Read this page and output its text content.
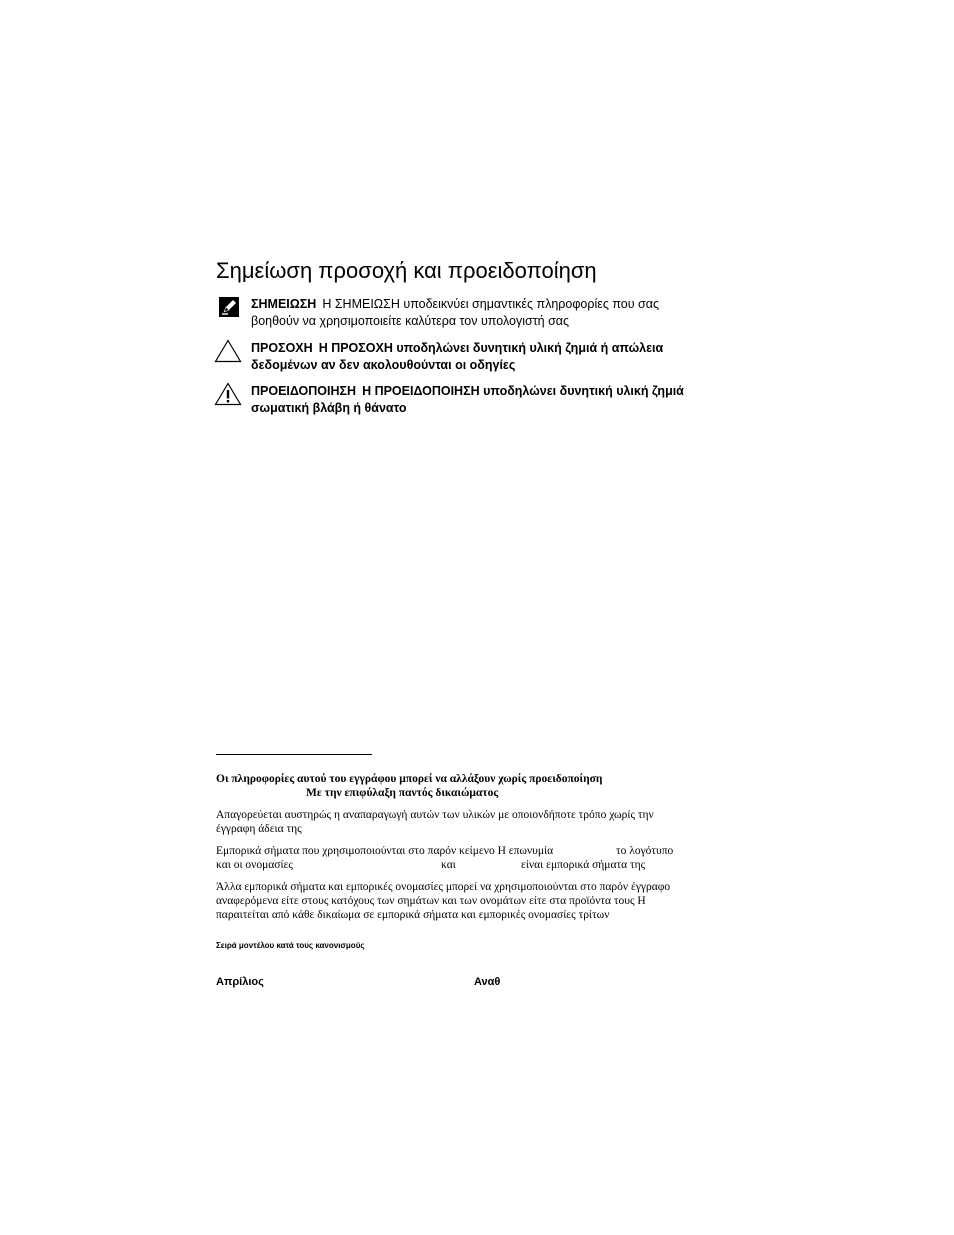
Σημείωση προσοχή και προειδοποίηση
ΣΗΜΕΙΩΣΗ Η ΣΗΜΕΙΩΣΗ υποδεικνύει σημαντικές πληροφορίες που σας
βοηθούν να χρησιμοποιείτε καλύτερα τον υπολογιστή σας
ΠΡΟΣΟΧΗ Η ΠΡΟΣΟΧΗ υποδηλώνει δυνητική υλική ζημιά ή απώλεια
δεδομένων αν δεν ακολουθούνται οι οδηγίες
ΠΡΟΕΙΔΟΠΟΙΗΣΗ Η ΠΡΟΕΙΔΟΠΟΙΗΣΗ υποδηλώνει δυνητική υλική ζημιά
σωματική βλάβη ή θάνατο
Οι πληροφορίες αυτού του εγγράφου μπορεί να αλλάξουν χωρίς προειδοποίηση
Με την επιφύλαξη παντός δικαιώματος
Απαγορεύεται αυστηρώς η αναπαραγωγή αυτών των υλικών με οποιονδήποτε τρόπο χωρίς την
έγγραφη άδεια της
Εμπορικά σήματα που χρησιμοποιούνται στο παρόν κείμενο Η επωνυμία	το λογότυπο
και οι ονομασίες	και	είναι εμπορικά σήματα της
Άλλα εμπορικά σήματα και εμπορικές ονομασίες μπορεί να χρησιμοποιούνται στο παρόν έγγραφο
αναφερόμενα είτε στους κατόχους των σημάτων και των ονομάτων είτε στα προϊόντα τους Η
παραιτείται από κάθε δικαίωμα σε εμπορικά σήματα και εμπορικές ονομασίες τρίτων
Σειρά μοντέλου κατά τους κανονισμούς
Απρίλιος	Αναθ
